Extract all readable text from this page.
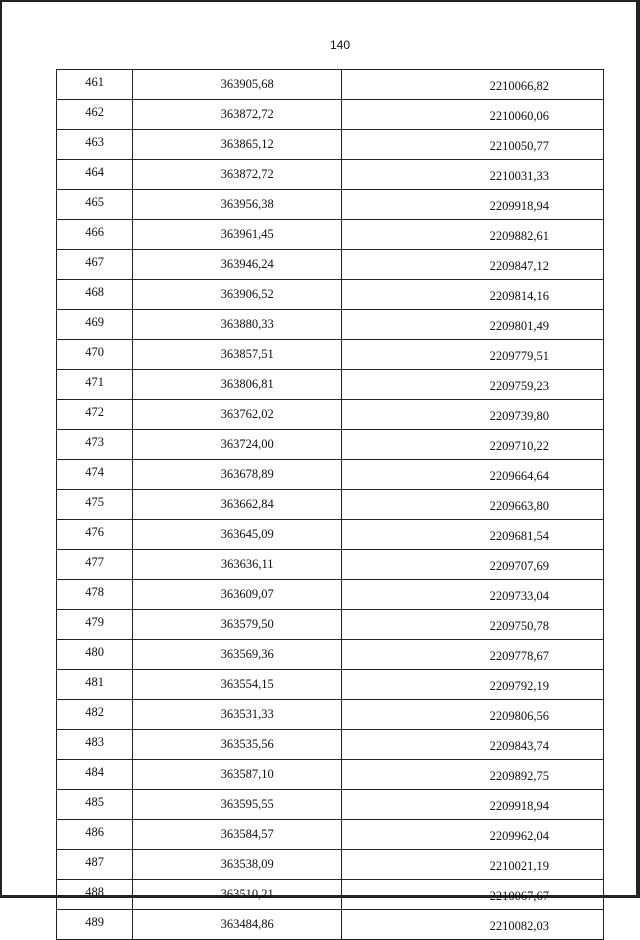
140
461	363905,68	2210066,82
462	363872,72	2210060,06
463	363865,12	2210050,77
464	363872,72	2210031,33
465	363956,38	2209918,94
466	363961,45	2209882,61
467	363946,24	2209847,12
468	363906,52	2209814,16
469	363880,33	2209801,49
470	363857,51	2209779,51
471	363806,81	2209759,23
472	363762,02	2209739,80
473	363724,00	2209710,22
474	363678,89	2209664,64
475	363662,84	2209663,80
476	363645,09	2209681,54
477	363636,11	2209707,69
478	363609,07	2209733,04
479	363579,50	2209750,78
480	363569,36	2209778,67
481	363554,15	2209792,19
482	363531,33	2209806,56
483	363535,56	2209843,74
484	363587,10	2209892,75
485	363595,55	2209918,94
486	363584,57	2209962,04
487	363538,09	2210021,19
488	363510,21	2210067,67
489	363484,86	2210082,03
